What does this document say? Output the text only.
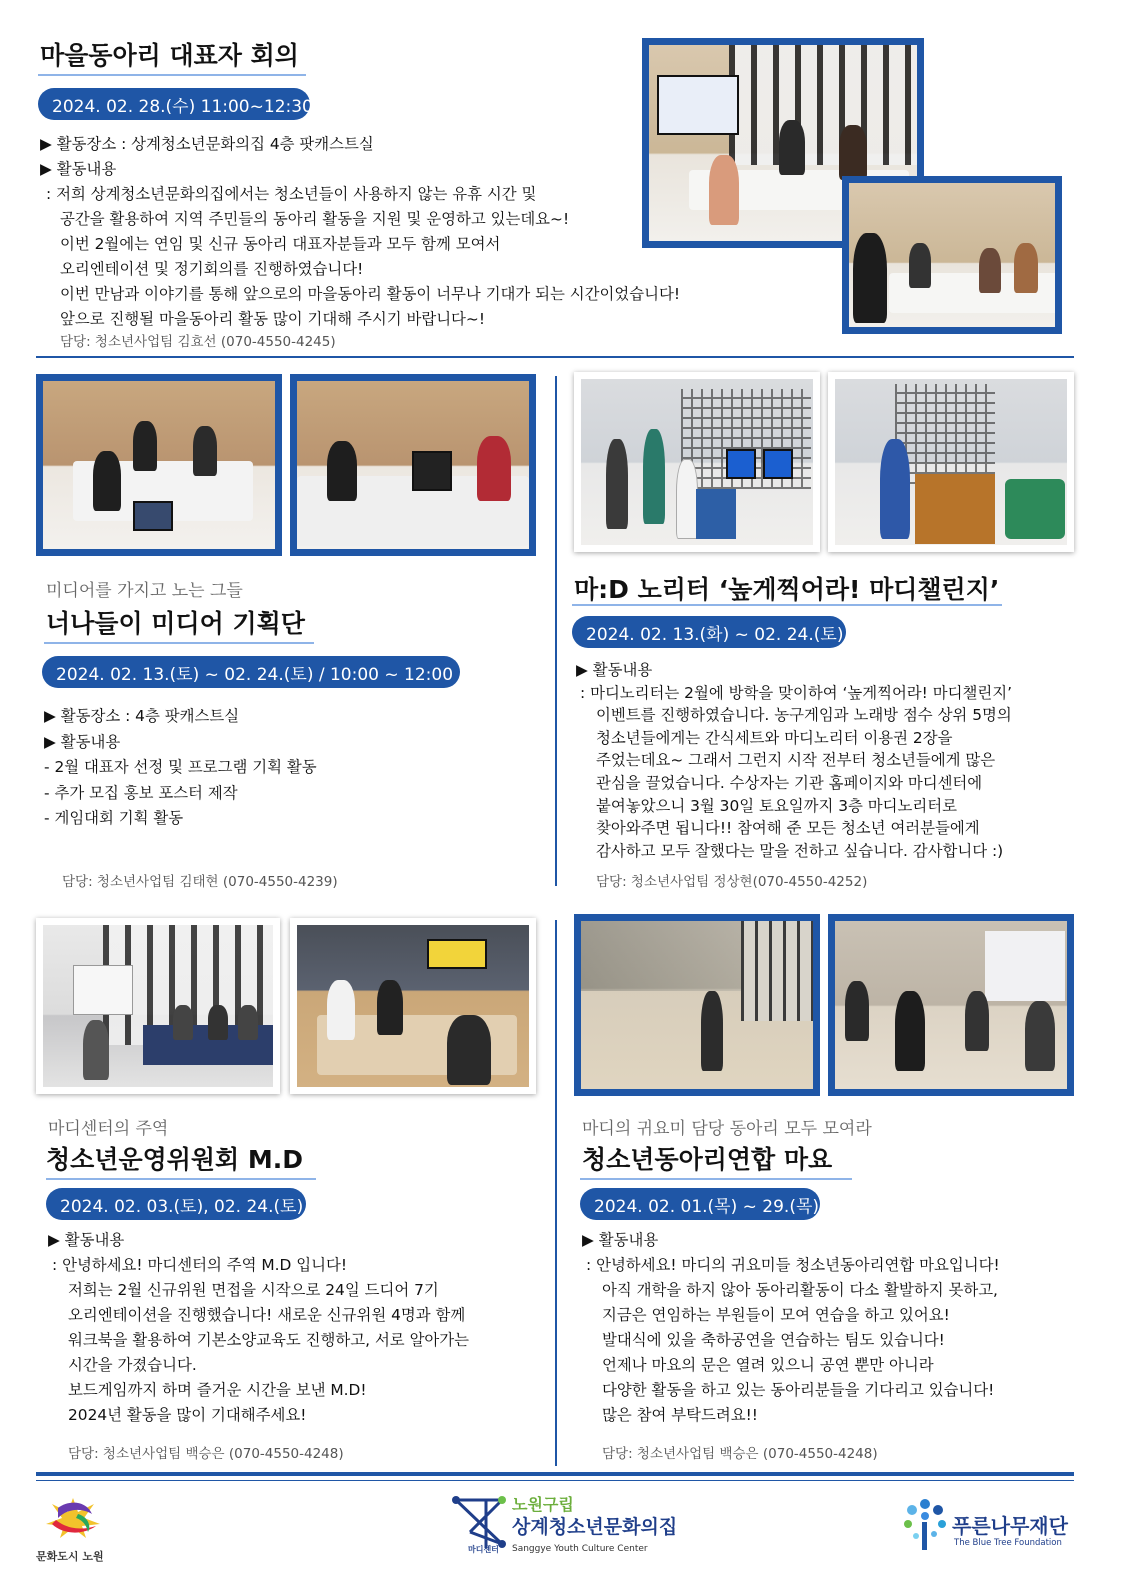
마을동아리 대표자 회의
2024. 02. 28.(수) 11:00~12:30
▶ 활동장소 : 상계청소년문화의집 4층 팟캐스트실
▶ 활동내용
: 저희 상계청소년문화의집에서는 청소년들이 사용하지 않는 유휴 시간 및
공간을 활용하여 지역 주민들의 동아리 활동을 지원 및 운영하고 있는데요~!
이번 2월에는 연임 및 신규 동아리 대표자분들과 모두 함께 모여서
오리엔테이션 및 정기회의를 진행하였습니다!
이번 만남과 이야기를 통해 앞으로의 마을동아리 활동이 너무나 기대가 되는 시간이었습니다!
앞으로 진행될 마을동아리 활동 많이 기대해 주시기 바랍니다~!
담당: 청소년사업팀 김효선 (070-4550-4245)
미디어를 가지고 노는 그들
너나들이 미디어 기획단
2024. 02. 13.(토) ~ 02. 24.(토) / 10:00 ~ 12:00
▶ 활동장소 : 4층 팟캐스트실
▶ 활동내용
- 2월 대표자 선정 및 프로그램 기획 활동
- 추가 모집 홍보 포스터 제작
- 게임대회 기획 활동
담당: 청소년사업팀 김태현 (070-4550-4239)
마:D 노리터 ‘높게찍어라! 마디챌린지’
2024. 02. 13.(화) ~ 02. 24.(토)
▶ 활동내용
: 마디노리터는 2월에 방학을 맞이하여 ‘높게찍어라! 마디챌린지’
이벤트를 진행하였습니다. 농구게임과 노래방 점수 상위 5명의
청소년들에게는 간식세트와 마디노리터 이용권 2장을
주었는데요~ 그래서 그런지 시작 전부터 청소년들에게 많은
관심을 끌었습니다. 수상자는 기관 홈페이지와 마디센터에
붙여놓았으니 3월 30일 토요일까지 3층 마디노리터로
찾아와주면 됩니다!! 참여해 준 모든 청소년 여러분들에게
감사하고 모두 잘했다는 말을 전하고 싶습니다. 감사합니다 :)
담당: 청소년사업팀 정상현(070-4550-4252)
마디센터의 주역
청소년운영위원회 M.D
2024. 02. 03.(토), 02. 24.(토)
▶ 활동내용
: 안녕하세요! 마디센터의 주역 M.D 입니다!
저희는 2월 신규위원 면접을 시작으로 24일 드디어 7기
오리엔테이션을 진행했습니다! 새로운 신규위원 4명과 함께
워크북을 활용하여 기본소양교육도 진행하고, 서로 알아가는
시간을 가졌습니다.
보드게임까지 하며 즐거운 시간을 보낸 M.D!
2024년 활동을 많이 기대해주세요!
담당: 청소년사업팀 백승은 (070-4550-4248)
마디의 귀요미 담당 동아리 모두 모여라
청소년동아리연합 마요
2024. 02. 01.(목) ~ 29.(목)
▶ 활동내용
: 안녕하세요! 마디의 귀요미들 청소년동아리연합 마요입니다!
아직 개학을 하지 않아 동아리활동이 다소 활발하지 못하고,
지금은 연임하는 부원들이 모여 연습을 하고 있어요!
발대식에 있을 축하공연을 연습하는 팀도 있습니다!
언제나 마요의 문은 열려 있으니 공연 뿐만 아니라
다양한 활동을 하고 있는 동아리분들을 기다리고 있습니다!
많은 참여 부탁드려요!!
담당: 청소년사업팀 백승은 (070-4550-4248)
문화도시 노원
노원구립
상계청소년문화의집
마디센터 Sanggye Youth Culture Center
푸른나무재단
The Blue Tree Foundation
